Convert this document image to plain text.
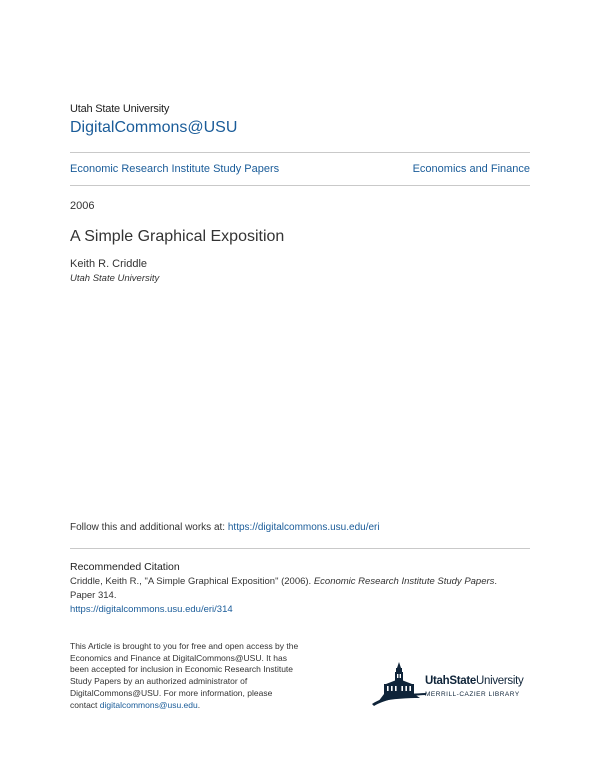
Utah State University
DigitalCommons@USU
Economic Research Institute Study Papers	Economics and Finance
2006
A Simple Graphical Exposition
Keith R. Criddle
Utah State University
Follow this and additional works at: https://digitalcommons.usu.edu/eri
Recommended Citation
Criddle, Keith R., "A Simple Graphical Exposition" (2006). Economic Research Institute Study Papers.
Paper 314.
https://digitalcommons.usu.edu/eri/314
This Article is brought to you for free and open access by the Economics and Finance at DigitalCommons@USU. It has been accepted for inclusion in Economic Research Institute Study Papers by an authorized administrator of DigitalCommons@USU. For more information, please contact digitalcommons@usu.edu.
UtahStateUniversity
MERRILL-CAZIER LIBRARY
